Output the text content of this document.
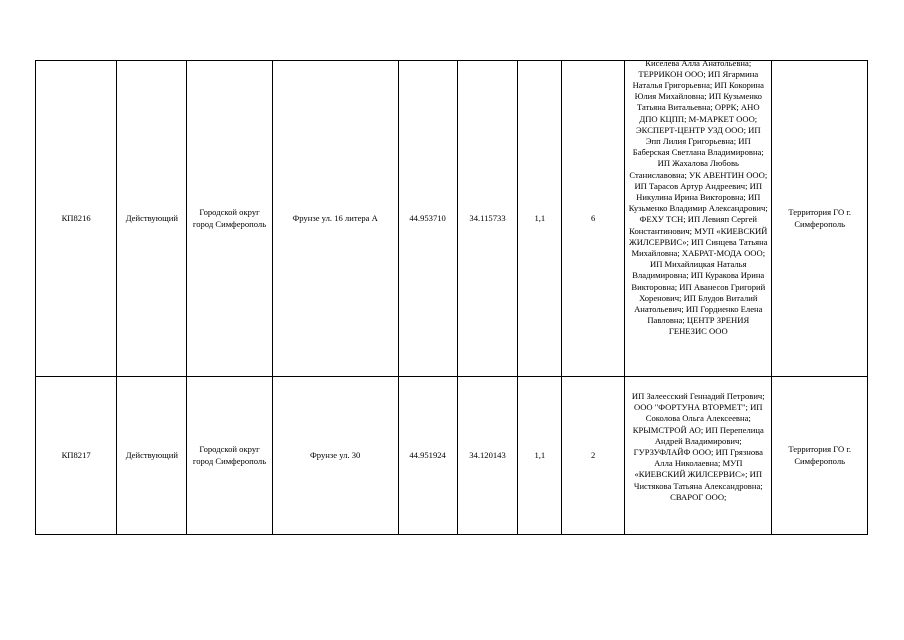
КП8216	Действующий	Городской округ город Симферополь	Фрунзе ул. 16 литера А	44.953710	34.115733	1,1	6	Киселева Алла Анатольевна; ТЕРРИКОН ООО; ИП Ягармина Наталья Григорьевна; ИП Кокорина Юлия Михайловна; ИП Кузьменко Татьяна Витальевна; ОРРК; АНО ДПО КЦПП; М-МАРКЕТ ООО; ЭКСПЕРТ-ЦЕНТР УЗД ООО; ИП Эпп Лилия Григорьевна; ИП Баберская Светлана Владимировна; ИП Жахалова Любовь Станиславовна; УК АВЕНТИН ООО; ИП Тарасов Артур Андреевич; ИП Никулина Ирина Викторовна; ИП Кузьменко Владимир Александрович; ФЕХУ ТСН; ИП Левияп Сергей Константинович; МУП «КИЕВСКИЙ ЖИЛСЕРВИС»; ИП Синцева Татьяна Михайловна; ХАБРАТ-МОДА ООО; ИП Михайлицкая Наталья Владимировна; ИП Куракова Ирина Викторовна; ИП Аванесов Григорий Хоренович; ИП Блудов Виталий Анатольевич; ИП Гордиенко Елена Павловна; ЦЕНТР ЗРЕНИЯ ГЕНЕЗИС ООО	Территория ГО г. Симферополь
КП8217	Действующий	Городской округ город Симферополь	Фрунзе ул. 30	44.951924	34.120143	1,1	2	ИП Залеесский Геннадий Петрович; ООО "ФОРТУНА ВТОРМЕТ"; ИП Соколова Ольга Алексеевна; КРЫМСТРОЙ АО; ИП Перепелица Андрей Владимирович; ГУРЗУФЛАЙФ ООО; ИП Грязнова Алла Николаевна; МУП «КИЕВСКИЙ ЖИЛСЕРВИС»; ИП Чистякова Татьяна Александровна; СВАРОГ ООО;	Территория ГО г. Симферополь
